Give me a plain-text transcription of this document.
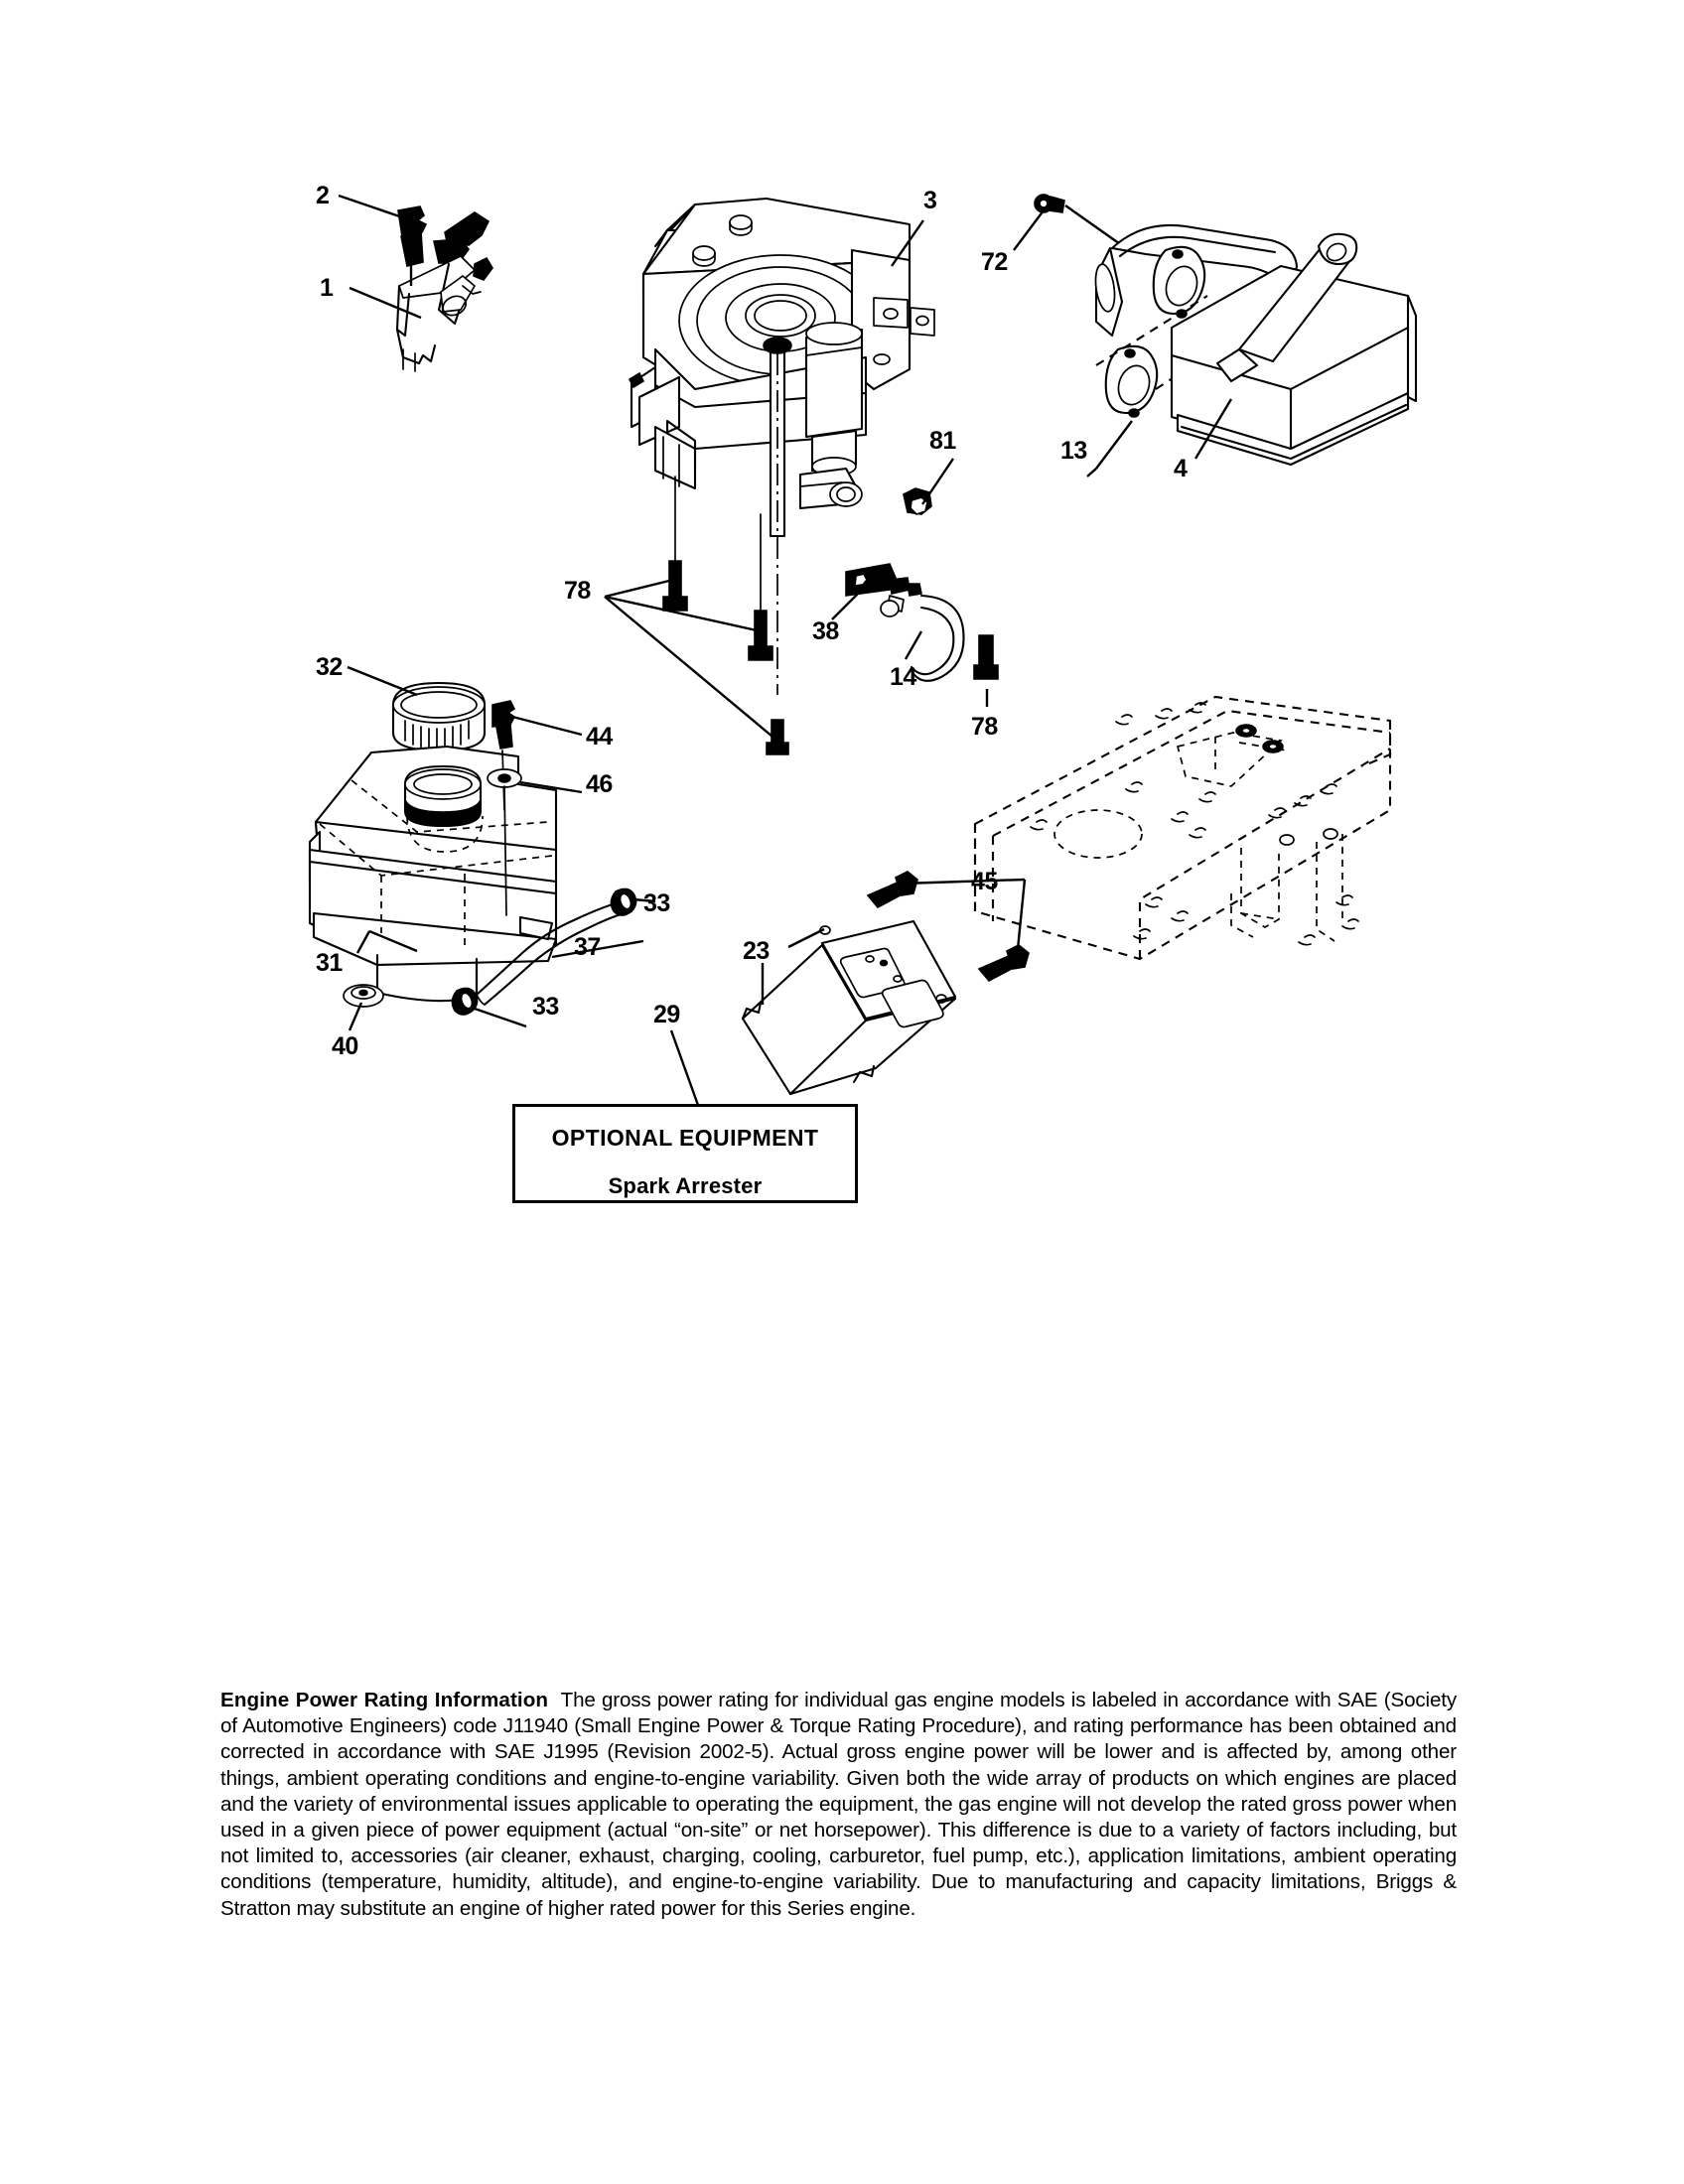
2
1
3
78
81
38
14
78
72
4
13
32
31
44
46
37
33
33
40
23
45
29
OPTIONAL EQUIPMENT
Spark Arrester
Engine Power Rating Information The gross power rating for individual gas engine models is labeled in accordance with SAE (Society of Automotive Engineers) code J11940 (Small Engine Power & Torque Rating Procedure), and rating performance has been obtained and corrected in accordance with SAE J1995 (Revision 2002-5). Actual gross engine power will be lower and is affected by, among other things, ambient operating conditions and engine-to-engine variability. Given both the wide array of products on which engines are placed and the variety of environmental issues applicable to operating the equipment, the gas engine will not develop the rated gross power when used in a given piece of power equipment (actual “on-site” or net horsepower). This difference is due to a variety of factors including, but not limited to, accessories (air cleaner, exhaust, charging, cooling, carburetor, fuel pump, etc.), application limitations, ambient operating conditions (temperature, humidity, altitude), and engine-to-engine variability. Due to manufacturing and capacity limitations, Briggs & Stratton may substitute an engine of higher rated power for this Series engine.
